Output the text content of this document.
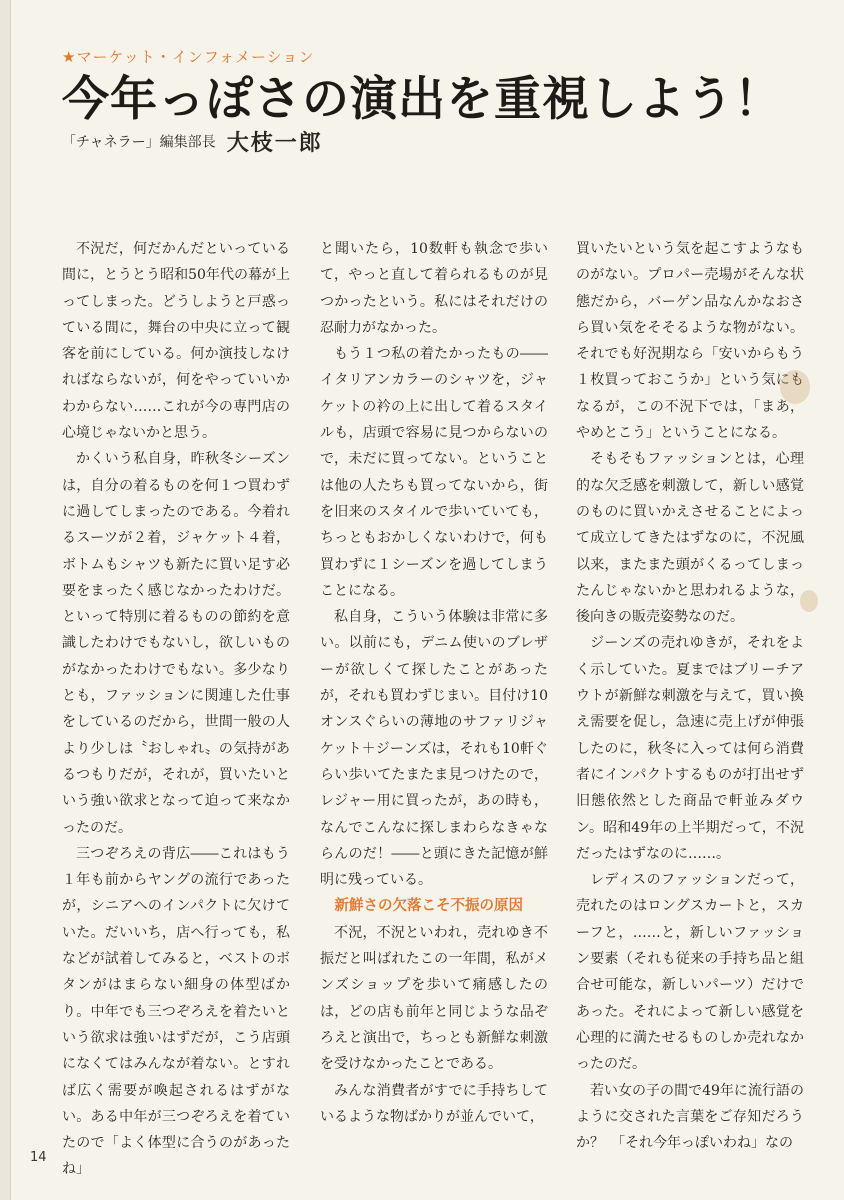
★マーケット・インフォメーション
今年っぽさの演出を重視しよう！
「チャネラー」編集部長 大枝一郎

不況だ，何だかんだといっている間に，とうとう昭和50年代の幕が上ってしまった。どうしようと戸惑っている間に，舞台の中央に立って観客を前にしている。何か演技しなければならないが，何をやっていいかわからない……これが今の専門店の心境じゃないかと思う。

かくいう私自身，昨秋冬シーズンは，自分の着るものを何１つ買わずに過してしまったのである。今着れるスーツが２着，ジャケット４着，ボトムもシャツも新たに買い足す必要をまったく感じなかったわけだ。といって特別に着るものの節約を意識したわけでもないし，欲しいものがなかったわけでもない。多少なりとも，ファッションに関連した仕事をしているのだから，世間一般の人より少しは〝おしゃれ〟の気持があるつもりだが，それが，買いたいという強い欲求となって迫って来なかったのだ。

三つぞろえの背広――これはもう１年も前からヤングの流行であったが，シニアへのインパクトに欠けていた。だいいち，店へ行っても，私などが試着してみると，ベストのボタンがはまらない細身の体型ばかり。中年でも三つぞろえを着たいという欲求は強いはずだが，こう店頭になくてはみんなが着ない。とすれば広く需要が喚起されるはずがない。ある中年が三つぞろえを着ていたので「よく体型に合うのがあったね」

と聞いたら，10数軒も執念で歩いて，やっと直して着られるものが見つかったという。私にはそれだけの忍耐力がなかった。

もう１つ私の着たかったもの――イタリアンカラーのシャツを，ジャケットの衿の上に出して着るスタイルも，店頭で容易に見つからないので，未だに買ってない。ということは他の人たちも買ってないから，街を旧来のスタイルで歩いていても，ちっともおかしくないわけで，何も買わずに１シーズンを過してしまうことになる。

私自身，こういう体験は非常に多い。以前にも，デニム使いのブレザーが欲しくて探したことがあったが，それも買わずじまい。目付け10オンスぐらいの薄地のサファリジャケット＋ジーンズは，それも10軒ぐらい歩いてたまたま見つけたので，レジャー用に買ったが，あの時も，なんでこんなに探しまわらなきゃならんのだ！――と頭にきた記憶が鮮明に残っている。

新鮮さの欠落こそ不振の原因

不況，不況といわれ，売れゆき不振だと叫ばれたこの一年間，私がメンズショップを歩いて痛感したのは，どの店も前年と同じような品ぞろえと演出で，ちっとも新鮮な刺激を受けなかったことである。

みんな消費者がすでに手持ちしているような物ばかりが並んでいて，

買いたいという気を起こすようなものがない。プロパー売場がそんな状態だから，バーゲン品なんかなおさら買い気をそそるような物がない。それでも好況期なら「安いからもう１枚買っておこうか」という気にもなるが，この不況下では，「まあ，やめとこう」ということになる。

そもそもファッションとは，心理的な欠乏感を刺激して，新しい感覚のものに買いかえさせることによって成立してきたはずなのに，不況風以来，またまた頭がくるってしまったんじゃないかと思われるような，後向きの販売姿勢なのだ。

ジーンズの売れゆきが，それをよく示していた。夏まではブリーチアウトが新鮮な刺激を与えて，買い換え需要を促し，急速に売上げが伸張したのに，秋冬に入っては何ら消費者にインパクトするものが打出せず旧態依然とした商品で軒並みダウン。昭和49年の上半期だって，不況だったはずなのに……。

レディスのファッションだって，売れたのはロングスカートと，スカーフと，……と，新しいファッション要素（それも従来の手持ち品と組合せ可能な，新しいパーツ）だけであった。それによって新しい感覚を心理的に満たせるものしか売れなかったのだ。

若い女の子の間で49年に流行語のように交された言葉をご存知だろうか？　「それ今年っぽいわね」なの

14
